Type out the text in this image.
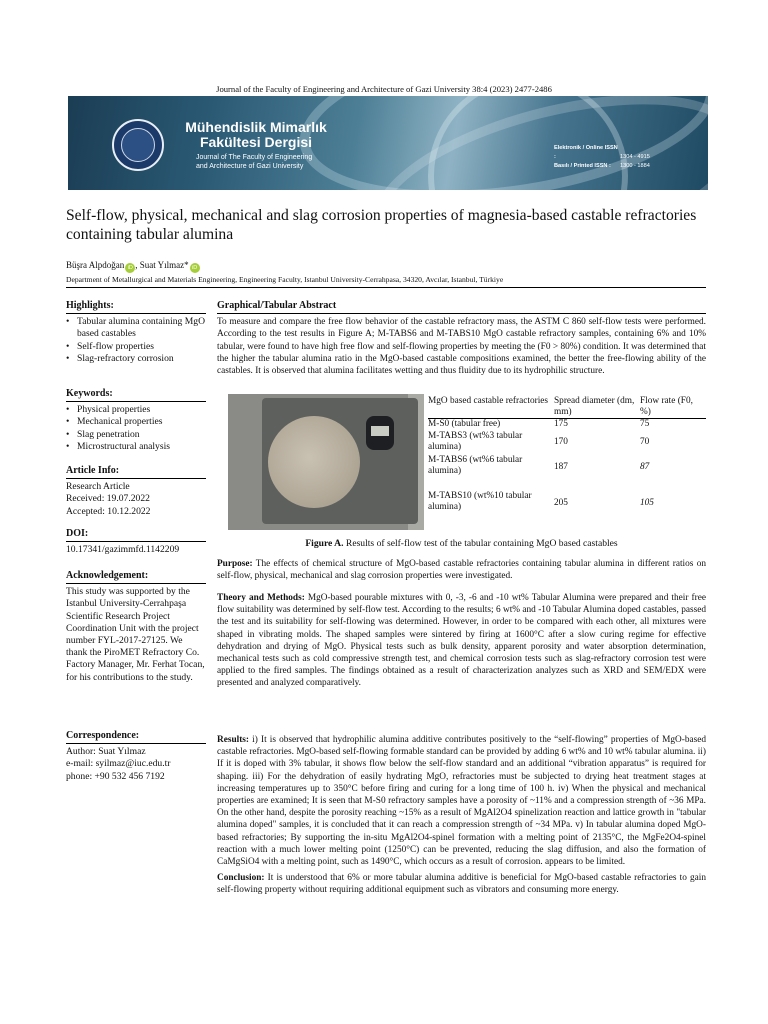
Journal of the Faculty of Engineering and Architecture of Gazi University 38:4 (2023) 2477-2486
Mühendislik Mimarlık
Fakültesi Dergisi
Journal of The Faculty of Engineering
and Architecture of Gazi University
Elektronik / Online ISSN :	1304 - 4915
Basılı / Printed ISSN : 1300 - 1884
Self-flow, physical, mechanical and slag corrosion properties of magnesia-based castable refractories containing tabular alumina
Büşra Alpdoğan iD , Suat Yılmaz* iD
Department of Metallurgical and Materials Engineering, Engineering Faculty, Istanbul University-Cerrahpasa, 34320, Avcılar, Istanbul, Türkiye
Highlights:
• Tabular alumina containing MgO based castables
• Self-flow properties
• Slag-refractory corrosion
Keywords:
• Physical properties
• Mechanical properties
• Slag penetration
• Microstructural analysis
Article Info:
Research Article
Received: 19.07.2022
Accepted: 10.12.2022
DOI:
10.17341/gazimmfd.1142209
Acknowledgement:
This study was supported by the Istanbul University-Cerrahpaşa Scientific Research Project Coordination Unit with the project number FYL-2017-27125. We thank the PiroMET Refractory Co. Factory Manager, Mr. Ferhat Tocan, for his contributions to the study.
Correspondence:
Author: Suat Yılmaz
e-mail: syilmaz@iuc.edu.tr
phone: +90 532 456 7192
Graphical/Tabular Abstract
To measure and compare the free flow behavior of the castable refractory mass, the ASTM C 860 self-flow tests were performed. According to the test results in Figure A; M-TABS6 and M-TABS10 MgO castable refractory samples, containing 6% and 10% tabular, were found to have high free flow and self-flowing properties by meeting the (F0 > 80%) condition. It was determined that the higher the tabular alumina ratio in the MgO-based castable compositions examined, the better the free-flowing ability of the castables. It is observed that alumina facilitates wetting and thus fluidity due to its hydrophilic structure.
MgO based castable refractories	Spread diameter (dm, mm)	Flow rate (F0, %)
M-S0 (tabular free)	175	75
M-TABS3 (wt%3 tabular alumina)	170	70
M-TABS6 (wt%6 tabular alumina)	187	87
M-TABS10 (wt%10 tabular alumina)	205	105
Figure A. Results of self-flow test of the tabular containing MgO based castables
Purpose: The effects of chemical structure of MgO-based castable refractories containing tabular alumina in different ratios on self-flow, physical, mechanical and slag corrosion properties were investigated.
Theory and Methods: MgO-based pourable mixtures with 0, -3, -6 and -10 wt% Tabular Alumina were prepared and their free flow suitability was determined by self-flow test. According to the results; 6 wt% and -10 Tabular Alumina doped castables, passed the test and its suitability for self-flowing was determined. However, in order to be compared with each other, all mixtures were shaped in vibrating molds. The shaped samples were sintered by firing at 1600°C after a slow curing regime for effective dehydration and drying of MgO. Physical tests such as bulk density, apparent porosity and water absorption determination, mechanical tests such as cold compressive strength test, and chemical corrosion tests such as slag-refractory corrosion test were applied to the fired samples. The findings obtained as a result of characterization analyzes such as XRD and SEM/EDX were presented and analyzed comparatively.
Results: i) It is observed that hydrophilic alumina additive contributes positively to the “self-flowing” properties of MgO-based castable refractories. MgO-based self-flowing formable standard can be provided by adding 6 wt% and 10 wt% tabular alumina. ii) If it is doped with 3% tabular, it shows flow below the self-flow standard and an additional “vibration apparatus” is required for shaping. iii) For the dehydration of easily hydrating MgO, refractories must be subjected to drying heat treatment stages at increasing temperatures up to 350°C before firing and curing for a long time of 100 h. iv) When the physical and mechanical properties are examined; It is seen that M-S0 refractory samples have a porosity of ~11% and a compression strength of ~36 MPa. On the other hand, despite the porosity reaching ~15% as a result of MgAl2O4 spinelization reaction and lattice growth in "tabular alumina doped" samples, it is concluded that it can reach a compression strength of ~34 MPa. v) In tabular alumina doped MgO-based refractories; By supporting the in-situ MgAl2O4-spinel formation with a melting point of 2135°C, the MgFe2O4-spinel reaction with a much lower melting point (1250°C) can be prevented, reducing the slag diffusion, and also the formation of CaMgSiO4 with a melting point, such as 1490°C, which occurs as a result of corrosion. appears to be limited.
Conclusion: It is understood that 6% or more tabular alumina additive is beneficial for MgO-based castable refractories to gain self-flowing property without requiring additional equipment such as vibrators and consuming more energy.
